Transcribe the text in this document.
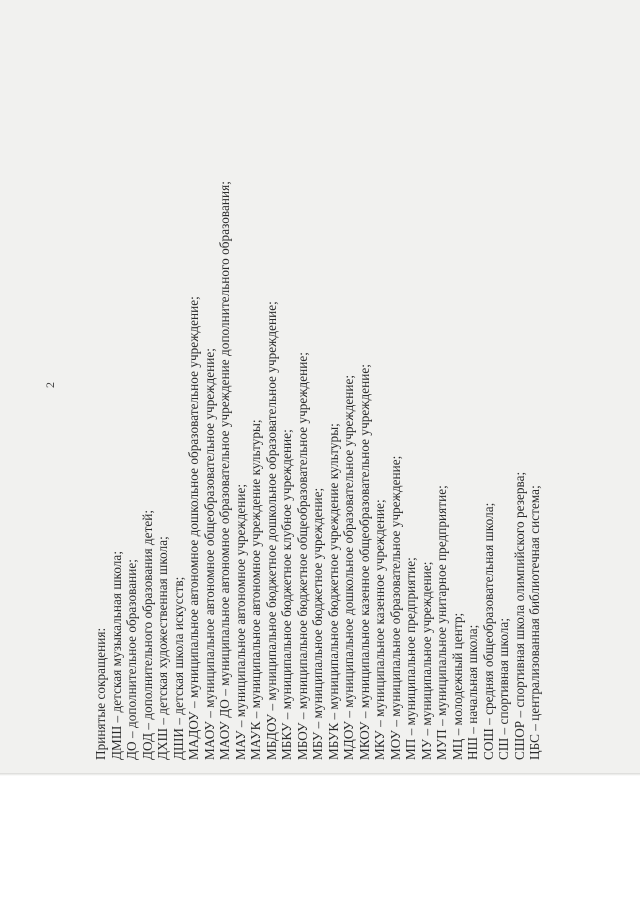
2
Принятые сокращения: ДМШ – детская музыкальная школа; ДО – дополнительное образование; ДОД – дополнительного образования детей; ДХШ – детская художественная школа; ДШИ – детская школа искусств; МАДОУ – муниципальное автономное дошкольное образовательное учреждение; МАОУ – муниципальное автономное общеобразовательное учреждение; МАОУ ДО – муниципальное автономное образовательное учреждение дополнительного образования; МАУ – муниципальное автономное учреждение; МАУК – муниципальное автономное учреждение культуры; МБДОУ – муниципальное бюджетное дошкольное образовательное учреждение; МБКУ – муниципальное бюджетное клубное учреждение; МБОУ – муниципальное бюджетное общеобразовательное учреждение; МБУ – муниципальное бюджетное учреждение; МБУК – муниципальное бюджетное учреждение культуры; МДОУ – муниципальное дошкольное образовательное учреждение; МКОУ – муниципальное казенное общеобразовательное учреждение; МКУ – муниципальное казенное учреждение; МОУ – муниципальное образовательное учреждение; МП – муниципальное предприятие; МУ – муниципальное учреждение; МУП – муниципальное унитарное предприятие; МЦ – молодежный центр; НШ – начальная школа; СОШ – средняя общеобразовательная школа; СШ – спортивная школа; СШОР – спортивная школа олимпийского резерва; ЦБС – централизованная библиотечная система;
